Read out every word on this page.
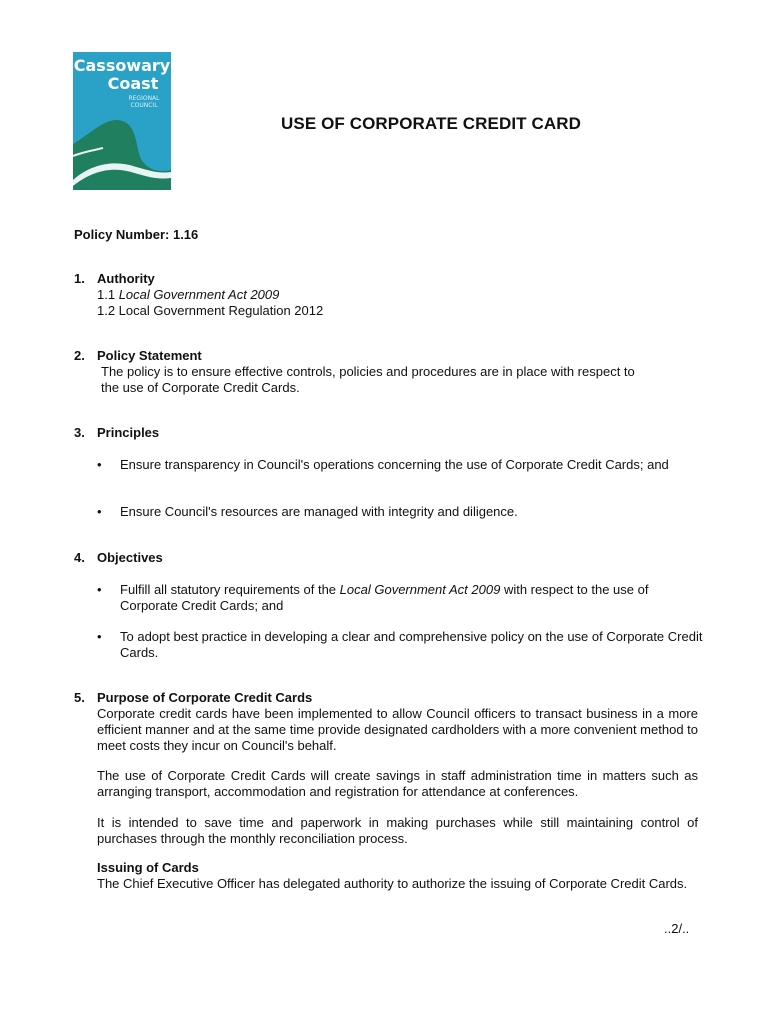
Cassowary
Coast
REGIONAL
COUNCIL
USE OF CORPORATE CREDIT CARD
Policy Number: 1.16
1. Authority
1.1 Local Government Act 2009
1.2 Local Government Regulation 2012
2. Policy Statement
The policy is to ensure effective controls, policies and procedures are in place with respect to
the use of Corporate Credit Cards.
3. Principles
• Ensure transparency in Council's operations concerning the use of Corporate Credit Cards; and
• Ensure Council's resources are managed with integrity and diligence.
4. Objectives
• Fulfill all statutory requirements of the Local Government Act 2009 with respect to the use of Corporate Credit Cards; and
• To adopt best practice in developing a clear and comprehensive policy on the use of Corporate Credit Cards.
5. Purpose of Corporate Credit Cards
Corporate credit cards have been implemented to allow Council officers to transact business in a more efficient manner and at the same time provide designated cardholders with a more convenient method to meet costs they incur on Council's behalf.
The use of Corporate Credit Cards will create savings in staff administration time in matters such as arranging transport, accommodation and registration for attendance at conferences.
It is intended to save time and paperwork in making purchases while still maintaining control of purchases through the monthly reconciliation process.
Issuing of Cards
The Chief Executive Officer has delegated authority to authorize the issuing of Corporate Credit Cards.
..2/..
